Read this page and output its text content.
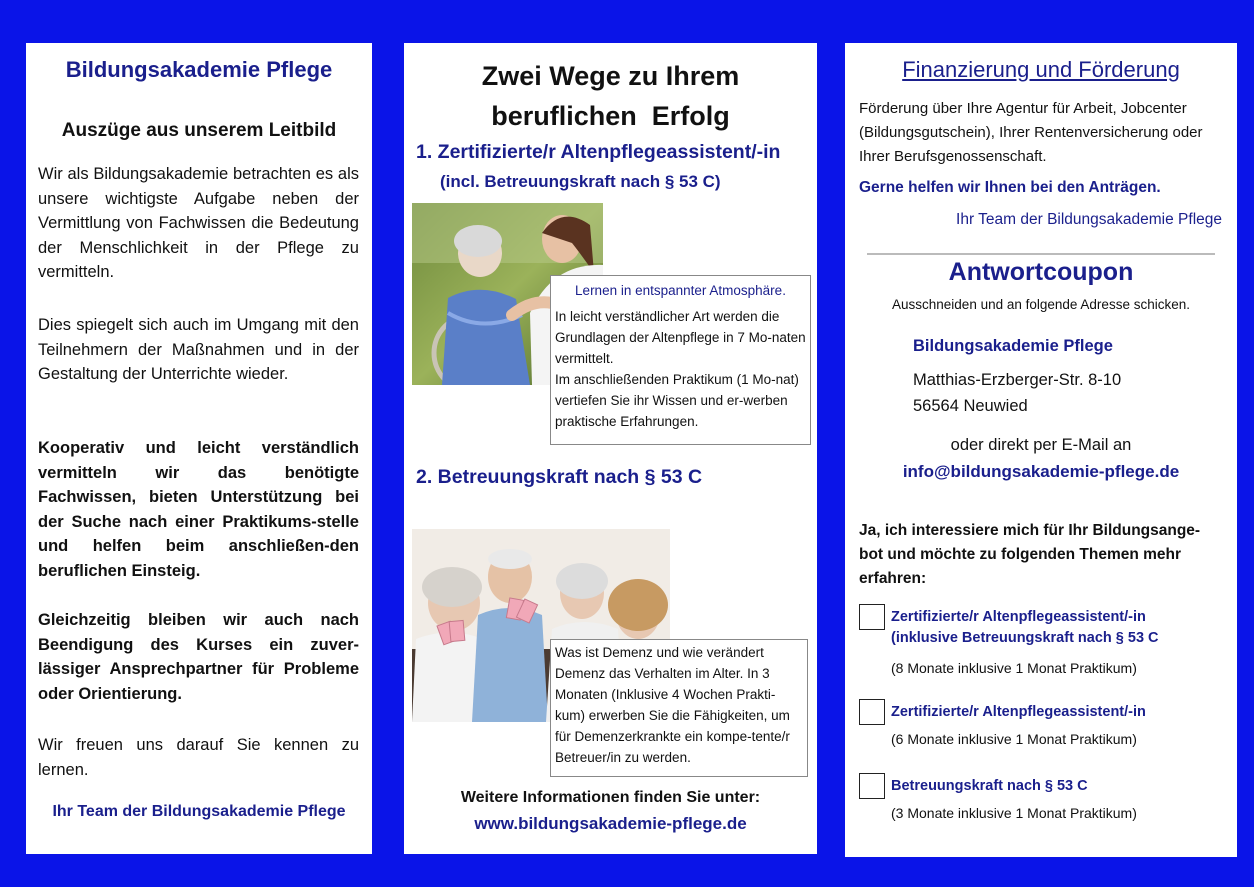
Bildungsakademie Pflege
Auszüge aus unserem Leitbild
Wir als Bildungsakademie betrachten es als unsere wichtigste Aufgabe neben der Vermittlung von Fachwissen die Bedeutung der Menschlichkeit in der Pflege zu vermitteln.
Dies spiegelt sich auch im Umgang mit den Teilnehmern der Maßnahmen und in der Gestaltung der Unterrichte wieder.
Kooperativ und leicht verständlich vermitteln wir das benötigte Fachwissen, bieten Unterstützung bei der Suche nach einer Praktikums-stelle und helfen beim anschließen-den beruflichen Einsteig.
Gleichzeitig bleiben wir auch nach Beendigung des Kurses ein zuver-lässiger Ansprechpartner für Probleme oder Orientierung.
Wir freuen uns darauf Sie kennen zu lernen.
Ihr Team der Bildungsakademie Pflege
Zwei Wege zu Ihrem
beruflichen  Erfolg
1. Zertifizierte/r Altenpflegeassistent/-in
(incl. Betreuungskraft nach § 53 C)
Lernen in entspannter Atmosphäre.
In leicht verständlicher Art werden die Grundlagen der Altenpflege in 7 Mo-naten vermittelt.
Im anschließenden Praktikum (1 Mo-nat) vertiefen Sie ihr Wissen und er-werben praktische Erfahrungen.
2. Betreuungskraft nach § 53 C
Was ist Demenz und wie verändert Demenz das Verhalten im Alter. In 3 Monaten (Inklusive 4 Wochen Prakti-kum) erwerben Sie die Fähigkeiten, um für Demenzerkrankte ein kompe-tente/r Betreuer/in zu werden.
Weitere Informationen finden Sie unter:
www.bildungsakademie-pflege.de
Finanzierung und Förderung
Förderung über Ihre Agentur für Arbeit, Jobcenter (Bildungsgutschein), Ihrer Rentenversicherung oder Ihrer Berufsgenossenschaft.
Gerne helfen wir Ihnen bei den Anträgen.
Ihr Team der Bildungsakademie Pflege
Antwortcoupon
Ausschneiden und an folgende Adresse schicken.
Bildungsakademie Pflege
Matthias-Erzberger-Str. 8-10
56564 Neuwied
oder direkt per E-Mail an
info@bildungsakademie-pflege.de
Ja, ich interessiere mich für Ihr Bildungsange-bot und möchte zu folgenden Themen mehr erfahren:
Zertifizierte/r Altenpflegeassistent/-in
(inklusive Betreuungskraft nach § 53 C
(8 Monate inklusive 1 Monat Praktikum)
Zertifizierte/r Altenpflegeassistent/-in
(6 Monate inklusive 1 Monat Praktikum)
Betreuungskraft nach § 53 C
(3 Monate inklusive 1 Monat Praktikum)
